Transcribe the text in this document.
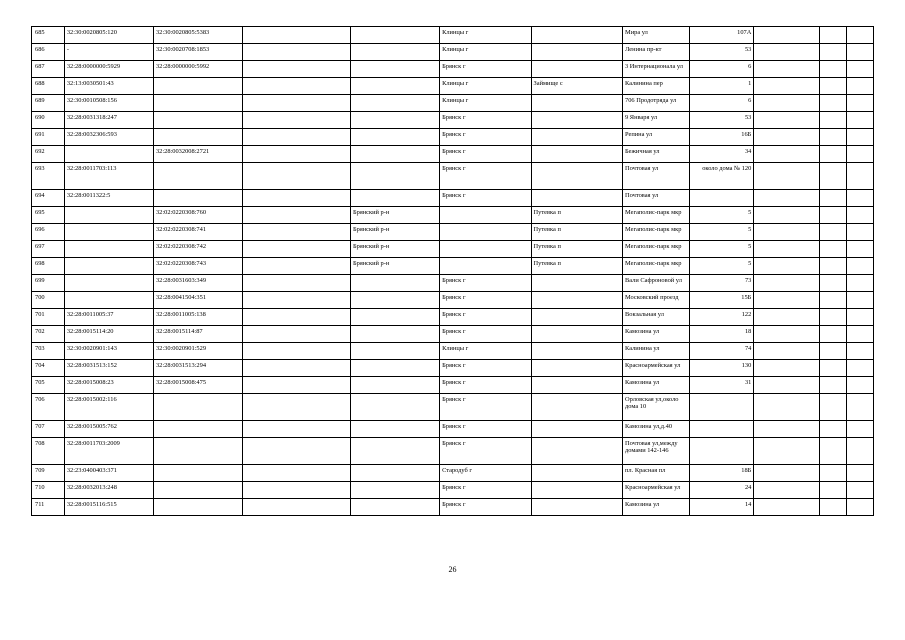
685	32:30:0020805:120	32:30:0020805:5383			Клинцы г		Мира ул	107А			
686	-	32:30:0020708:1853			Клинцы г		Ленина пр-кт	53			
687	32:28:0000000:5929	32:28:0000000:5992			Брянск г		3 Интернационала ул	6			
688	32:13:0030501:43				Клинцы г	Займище с	Калинина пер	1			
689	32:30:0010508:156				Клинцы г		706 Продотряда ул	6			
690	32:28:0031318:247				Брянск г		9 Января ул	53			
691	32:28:0032306:593				Брянск г		Репина ул	16Б			
692		32:28:0032008:2721			Брянск г		Бежичная ул	34			
693	32:28:0011703:113				Брянск г		Почтовая ул	около дома № 120			
694	32:28:0011322:5				Брянск г		Почтовая ул				
695		32:02:0220308:760		Брянский р-н		Путевка п	Мегаполис-парк мкр	5			
696		32:02:0220308:741		Брянский р-н		Путевка п	Мегаполис-парк мкр	5			
697		32:02:0220308:742		Брянский р-н		Путевка п	Мегаполис-парк мкр	5			
698		32:02:0220308:743		Брянский р-н		Путевка п	Мегаполис-парк мкр	5			
699		32:28:0031603:349			Брянск г		Вали Сафроновой ул	73			
700		32:28:0041504:351			Брянск г		Московский проезд	15Б			
701	32:28:0011005:37	32:28:0011005:138			Брянск г		Вокзальная ул	122			
702	32:28:0015114:20	32:28:0015114:87			Брянск г		Камозина ул	18			
703	32:30:0020901:143	32:30:0020901:529			Клинцы г		Калинина ул	74			
704	32:28:0031513:152	32:28:0031513:294			Брянск г		Красноармейская ул	130			
705	32:28:0015008:23	32:28:0015008:475			Брянск г		Камозина ул	31			
706	32:28:0015002:116				Брянск г		Орловская ул,около дома 10				
707	32:28:0015005:762				Брянск г		Камозина ул,д.40				
708	32:28:0011703:2009				Брянск г		Почтовая ул,между домами 142-146				
709	32:23:0400403:371				Стародуб г		пл. Красная пл	18Б			
710	32:28:0032013:248				Брянск г		Красноармейская ул	24			
711	32:28:0015116:515				Брянск г		Камозина ул	14			
26
